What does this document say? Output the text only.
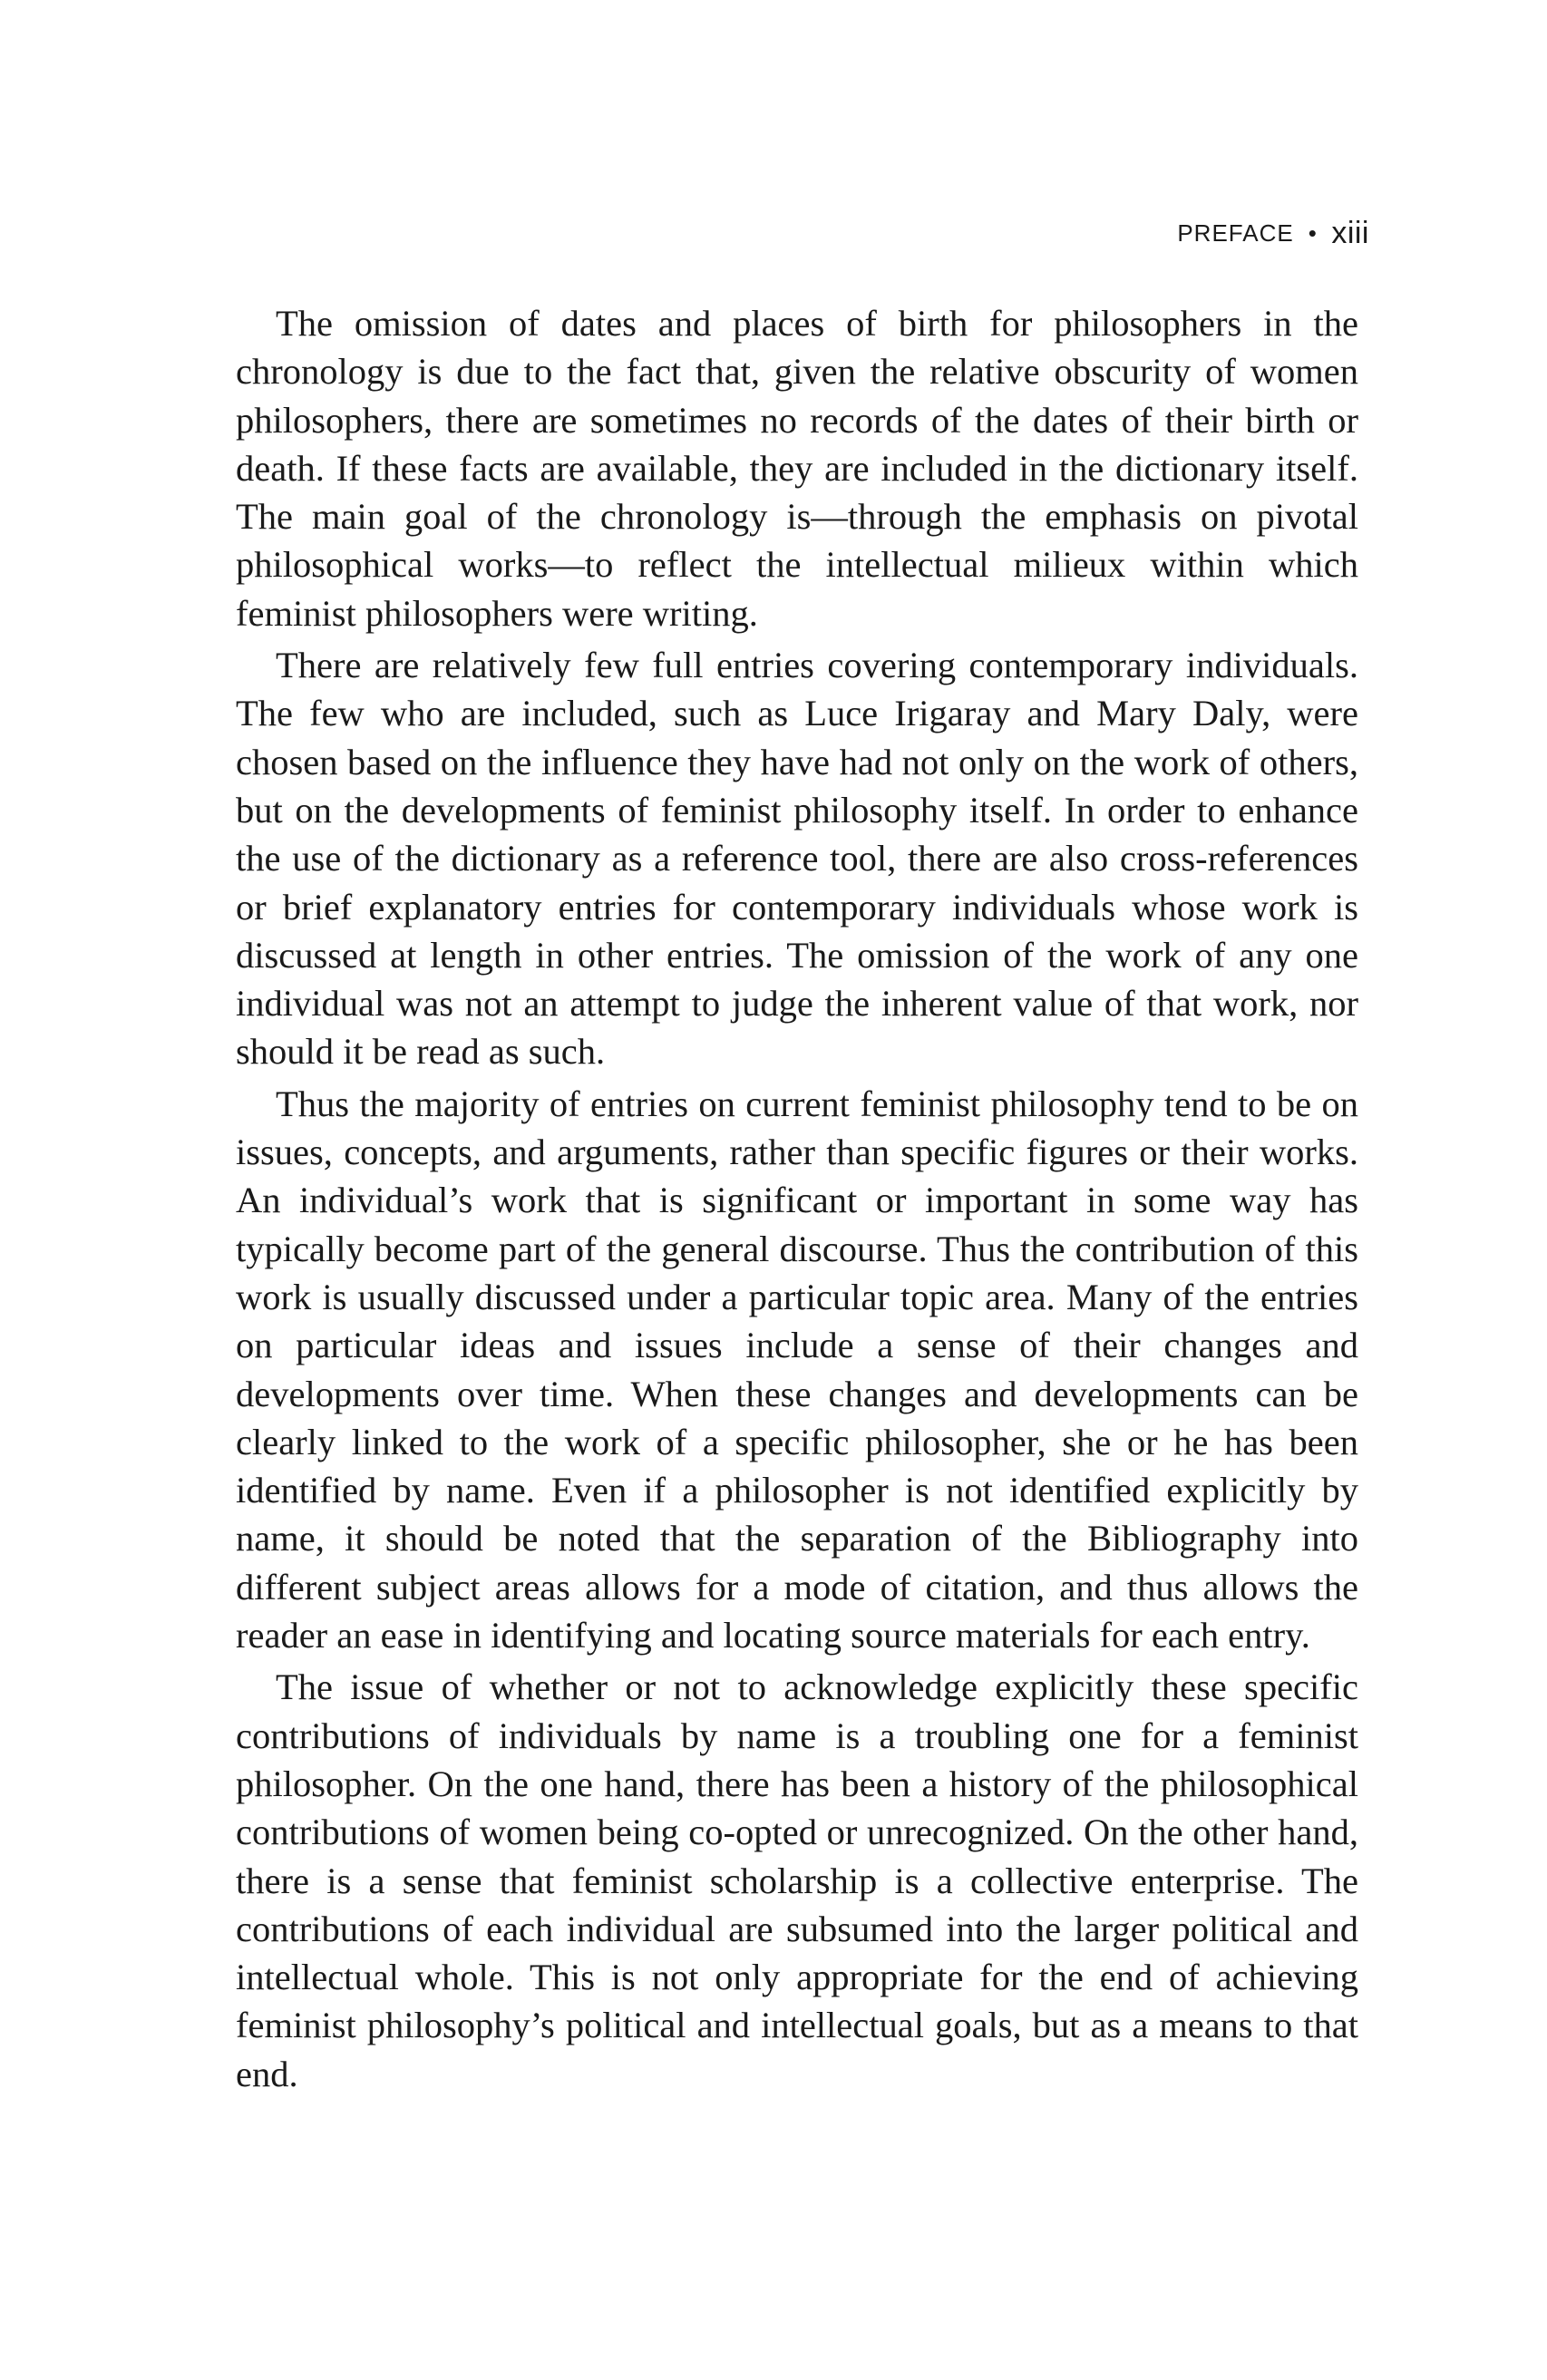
PREFACE • xiii

The omission of dates and places of birth for philosophers in the chronology is due to the fact that, given the relative obscurity of women philosophers, there are sometimes no records of the dates of their birth or death. If these facts are available, they are included in the dictionary itself. The main goal of the chronology is—through the emphasis on pivotal philosophical works—to reflect the intellectual milieux within which feminist philosophers were writing.

There are relatively few full entries covering contemporary individuals. The few who are included, such as Luce Irigaray and Mary Daly, were chosen based on the influence they have had not only on the work of others, but on the developments of feminist philosophy itself. In order to enhance the use of the dictionary as a reference tool, there are also cross-references or brief explanatory entries for contemporary individuals whose work is discussed at length in other entries. The omission of the work of any one individual was not an attempt to judge the inherent value of that work, nor should it be read as such.

Thus the majority of entries on current feminist philosophy tend to be on issues, concepts, and arguments, rather than specific figures or their works. An individual’s work that is significant or important in some way has typically become part of the general discourse. Thus the contribution of this work is usually discussed under a particular topic area. Many of the entries on particular ideas and issues include a sense of their changes and developments over time. When these changes and developments can be clearly linked to the work of a specific philosopher, she or he has been identified by name. Even if a philosopher is not identified explicitly by name, it should be noted that the separation of the Bibliography into different subject areas allows for a mode of citation, and thus allows the reader an ease in identifying and locating source materials for each entry.

The issue of whether or not to acknowledge explicitly these specific contributions of individuals by name is a troubling one for a feminist philosopher. On the one hand, there has been a history of the philosophical contributions of women being co-opted or unrecognized. On the other hand, there is a sense that feminist scholarship is a collective enterprise. The contributions of each individual are subsumed into the larger political and intellectual whole. This is not only appropriate for the end of achieving feminist philosophy’s political and intellectual goals, but as a means to that end.
